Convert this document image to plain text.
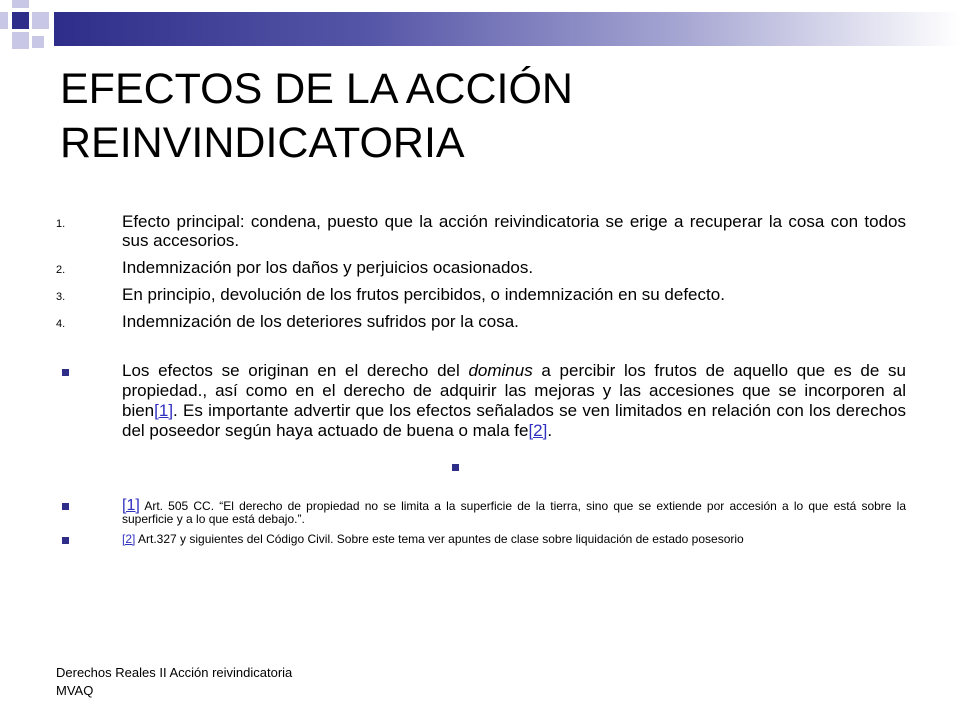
EFECTOS DE LA ACCIÓN REINVINDICATORIA
1.	Efecto principal: condena, puesto que la acción reivindicatoria se erige a recuperar la cosa con todos sus accesorios.
2.	Indemnización por los daños y perjuicios ocasionados.
3.	En principio, devolución de los frutos percibidos, o indemnización en su defecto.
4.	Indemnización de los deteriores sufridos por la cosa.
Los efectos se originan en el derecho del dominus a percibir los frutos de aquello que es de su propiedad., así como en el derecho de adquirir las mejoras y las accesiones que se incorporen al bien[1]. Es importante advertir que los efectos señalados se ven limitados en relación con los derechos del poseedor según haya actuado de buena o mala fe[2].
[1] Art. 505 CC. “El derecho de propiedad no se limita a la superficie de la tierra, sino que se extiende por accesión a lo que está sobre la superficie y a lo que está debajo.”.
[2] Art.327 y siguientes del Código Civil. Sobre este tema ver apuntes de clase sobre liquidación de estado posesorio
Derechos Reales II Acción reivindicatoria MVAQ
